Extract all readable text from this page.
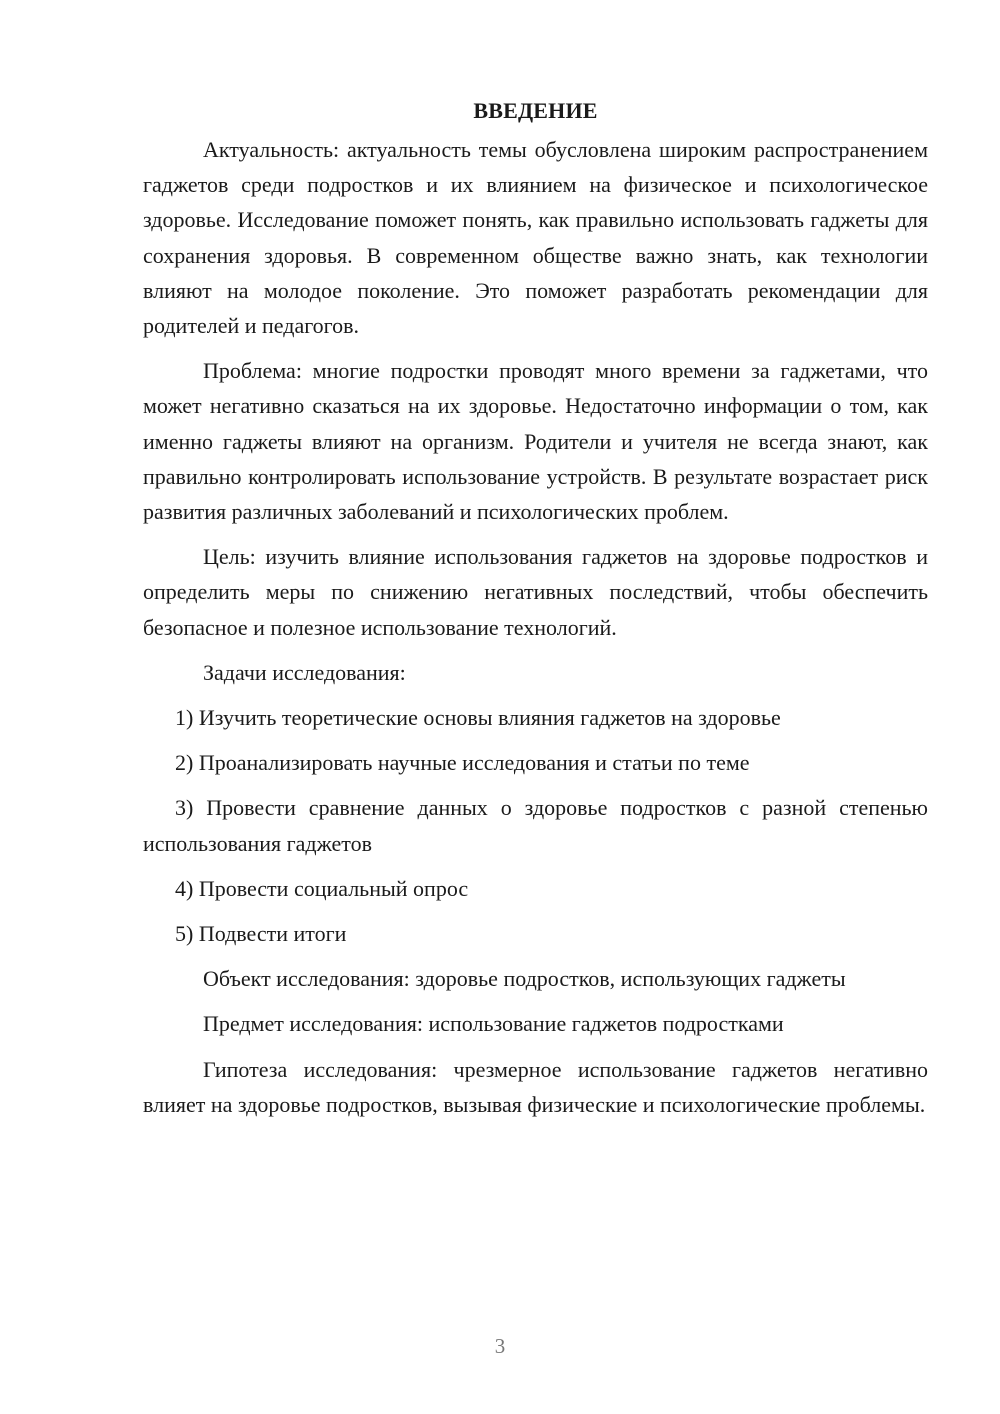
ВВЕДЕНИЕ

Актуальность: актуальность темы обусловлена широким распространением гаджетов среди подростков и их влиянием на физическое и психологическое здоровье. Исследование поможет понять, как правильно использовать гаджеты для сохранения здоровья. В современном обществе важно знать, как технологии влияют на молодое поколение. Это поможет разработать рекомендации для родителей и педагогов.

Проблема: многие подростки проводят много времени за гаджетами, что может негативно сказаться на их здоровье. Недостаточно информации о том, как именно гаджеты влияют на организм. Родители и учителя не всегда знают, как правильно контролировать использование устройств. В результате возрастает риск развития различных заболеваний и психологических проблем.

Цель: изучить влияние использования гаджетов на здоровье подростков и определить меры по снижению негативных последствий, чтобы обеспечить безопасное и полезное использование технологий.

Задачи исследования:

1) Изучить теоретические основы влияния гаджетов на здоровье

2) Проанализировать научные исследования и статьи по теме

3) Провести сравнение данных о здоровье подростков с разной степенью использования гаджетов

4) Провести социальный опрос

5) Подвести итоги

Объект исследования: здоровье подростков, использующих гаджеты

Предмет исследования: использование гаджетов подростками

Гипотеза исследования: чрезмерное использование гаджетов негативно влияет на здоровье подростков, вызывая физические и психологические проблемы.

3
